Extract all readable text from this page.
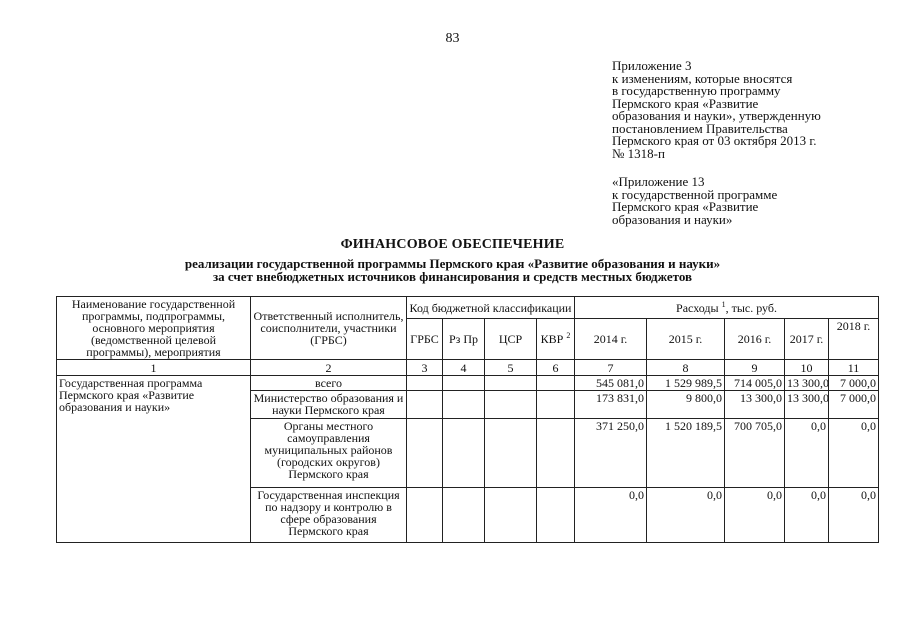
83
Приложение 3
к изменениям, которые вносятся
в государственную программу
Пермского края «Развитие
образования и науки», утвержденную
постановлением Правительства
Пермского края от 03 октября 2013 г.
№ 1318-п
«Приложение 13
к государственной программе
Пермского края «Развитие
образования и науки»
ФИНАНСОВОЕ ОБЕСПЕЧЕНИЕ
реализации государственной программы Пермского края «Развитие образования и науки»
за счет внебюджетных источников финансирования и средств местных бюджетов
Наименование государственной программы, подпрограммы, основного мероприятия (ведомственной целевой программы), мероприятия	Ответственный исполнитель, соисполнители, участники (ГРБС)	Код бюджетной классификации				Расходы $^1$, тыс. руб.				
		ГРБС	Рз Пр	ЦСР	КВР $^2$	2014 г.	2015 г.	2016 г.	2017 г.	2018 г.
1	2	3	4	5	6	7	8	9	10	11
Государственная программа Пермского края «Развитие образования и науки»	всего					545 081,0	1 529 989,5	714 005,0	13 300,0	7 000,0
	Министерство образования и науки Пермского края					173 831,0	9 800,0	13 300,0	13 300,0	7 000,0
	Органы местного самоуправления муниципальных районов (городских округов) Пермского края					371 250,0	1 520 189,5	700 705,0	0,0	0,0
	Государственная инспекция по надзору и контролю в сфере образования Пермского края					0,0	0,0	0,0	0,0	0,0
